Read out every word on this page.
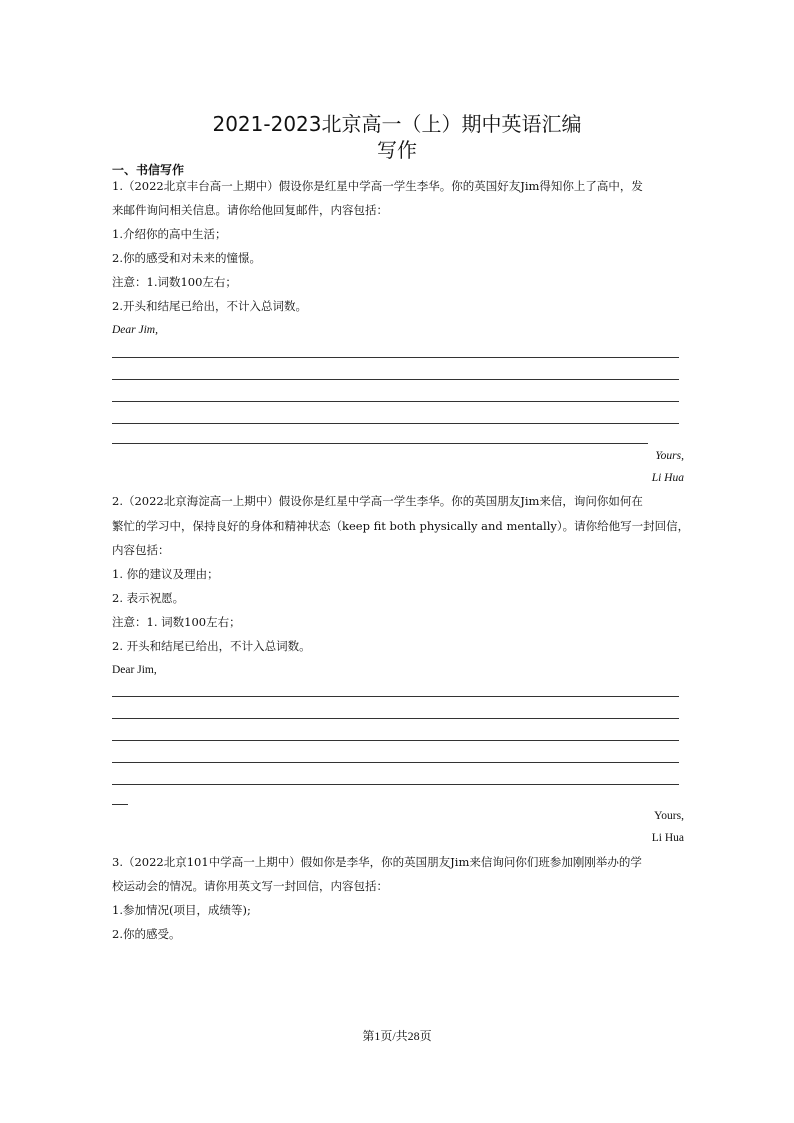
2021-2023北京高一（上）期中英语汇编
写作
一、书信写作
1.（2022北京丰台高一上期中）假设你是红星中学高一学生李华。你的英国好友Jim得知你上了高中，发
来邮件询问相关信息。请你给他回复邮件，内容包括：
1.介绍你的高中生活；
2.你的感受和对未来的憧憬。
注意：1.词数100左右；
2.开头和结尾已给出，不计入总词数。
Dear Jim,
Yours,
Li Hua
2.（2022北京海淀高一上期中）假设你是红星中学高一学生李华。你的英国朋友Jim来信，询问你如何在
繁忙的学习中，保持良好的身体和精神状态（keep fit both physically and mentally）。请你给他写一封回信，
内容包括：
1. 你的建议及理由；
2. 表示祝愿。
注意：1. 词数100左右；
2. 开头和结尾已给出，不计入总词数。
Dear Jim,
Yours,
Li Hua
3.（2022北京101中学高一上期中）假如你是李华，你的英国朋友Jim来信询问你们班参加刚刚举办的学
校运动会的情况。请你用英文写一封回信，内容包括：
1.参加情况(项目，成绩等);
2.你的感受。
第1页/共28页
